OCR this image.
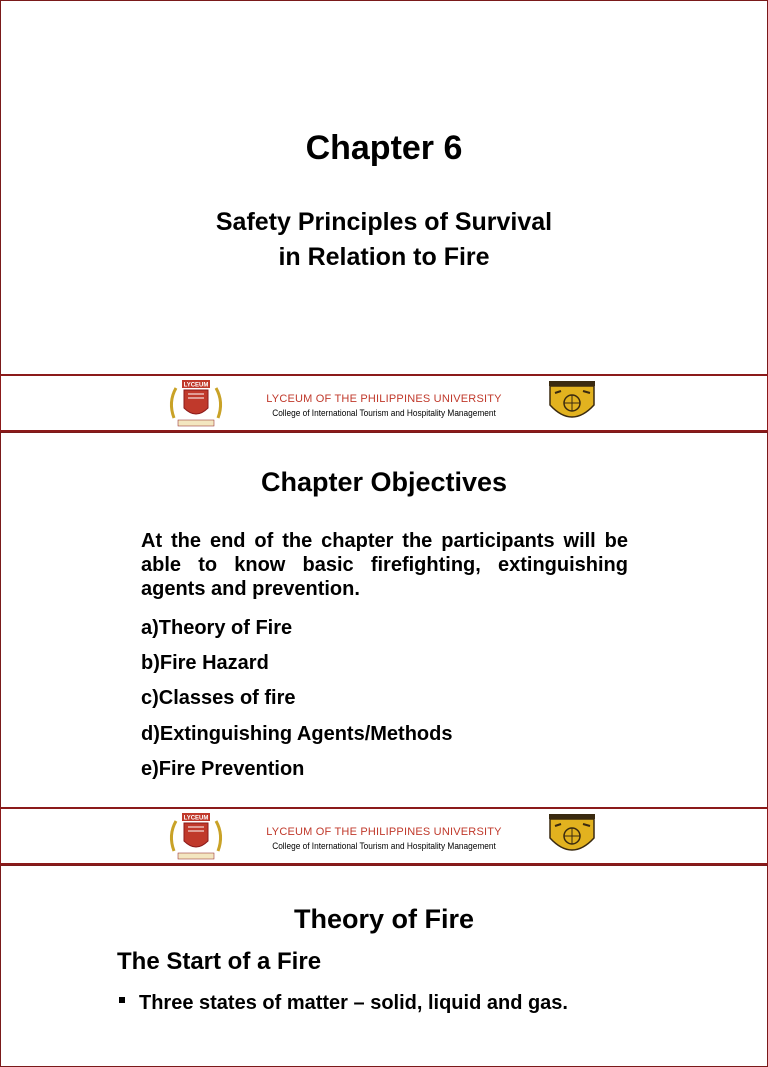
Chapter 6
Safety Principles of Survival
in Relation to Fire
LYCEUM
LYCEUM OF THE PHILIPPINES UNIVERSITY
College of International Tourism and Hospitality Management
Chapter Objectives
At the end of the chapter the participants will be able to know basic firefighting, extinguishing agents and prevention.
a)Theory of Fire
b)Fire Hazard
c)Classes of fire
d)Extinguishing Agents/Methods
e)Fire Prevention
LYCEUM
LYCEUM OF THE PHILIPPINES UNIVERSITY
College of International Tourism and Hospitality Management
Theory of Fire
The Start of a Fire
Three states of matter – solid, liquid and gas.
